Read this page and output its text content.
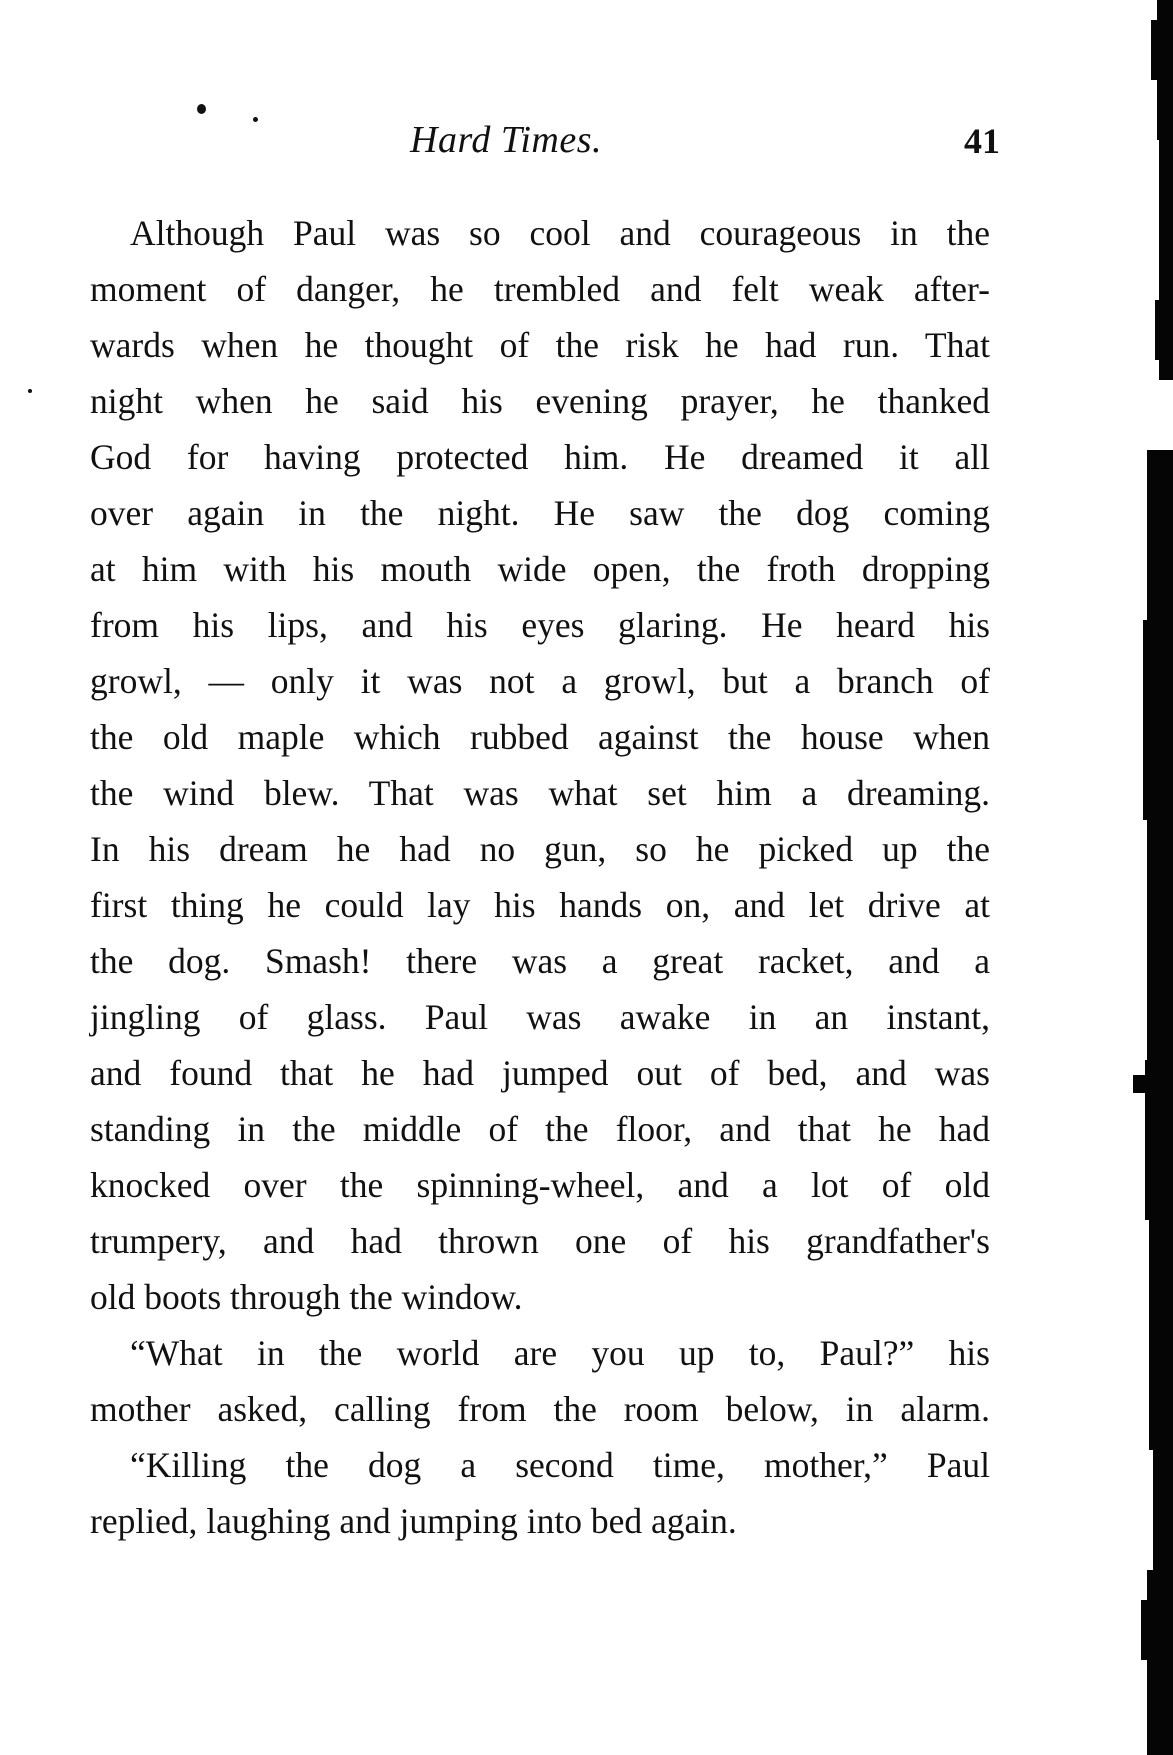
Hard Times.	41
Although Paul was so cool and courageous in the
moment of danger, he trembled and felt weak after-
wards when he thought of the risk he had run. That
night when he said his evening prayer, he thanked
God for having protected him. He dreamed it all
over again in the night. He saw the dog coming
at him with his mouth wide open, the froth dropping
from his lips, and his eyes glaring. He heard his
growl, — only it was not a growl, but a branch of
the old maple which rubbed against the house when
the wind blew. That was what set him a dreaming.
In his dream he had no gun, so he picked up the
first thing he could lay his hands on, and let drive at
the dog. Smash! there was a great racket, and a
jingling of glass. Paul was awake in an instant,
and found that he had jumped out of bed, and was
standing in the middle of the floor, and that he had
knocked over the spinning-wheel, and a lot of old
trumpery, and had thrown one of his grandfather's
old boots through the window.
“What in the world are you up to, Paul?” his
mother asked, calling from the room below, in alarm.
“Killing the dog a second time, mother,” Paul
replied, laughing and jumping into bed again.
